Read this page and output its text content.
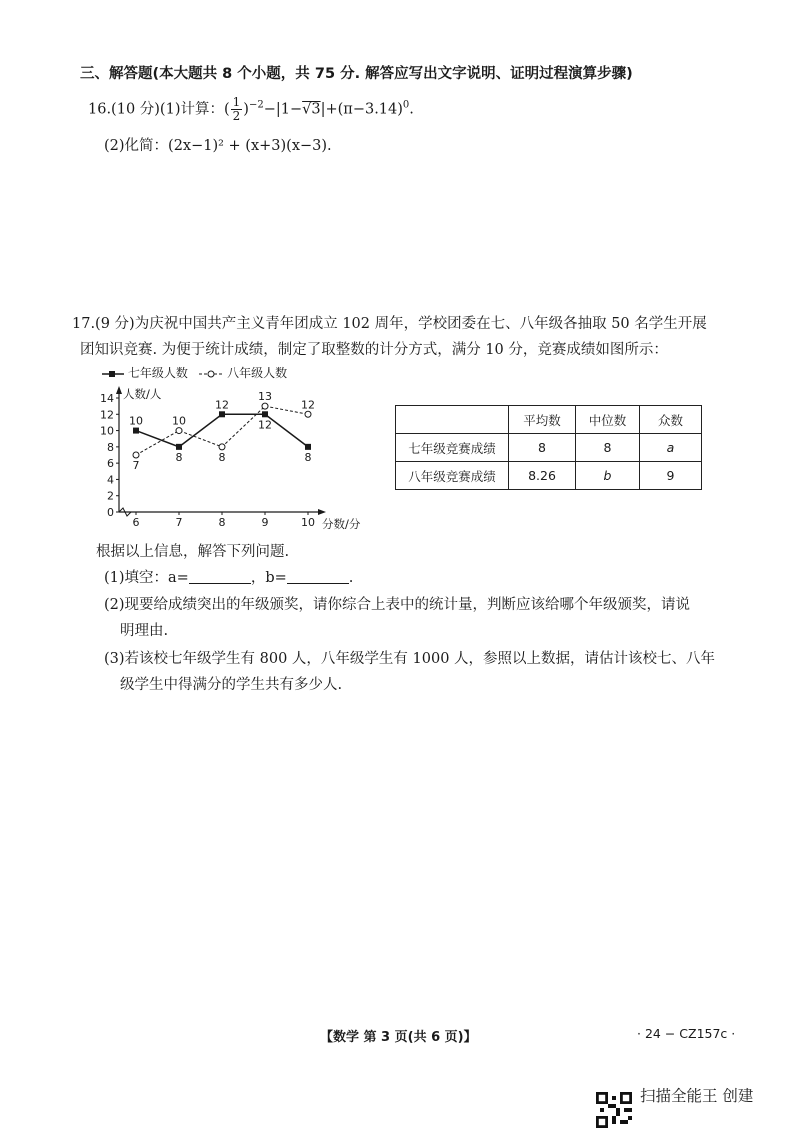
三、解答题(本大题共 8 个小题，共 75 分. 解答应写出文字说明、证明过程演算步骤)
16.(10 分)(1)计算：( $\frac{1}{2} )^{-2}-|1-√3|+(\pi-3.14)^0$.
(2)化简：(2x−1)² + (x+3)(x−3).
17.(9 分)为庆祝中国共产主义青年团成立 102 周年，学校团委在七、八年级各抽取 50 名学生开展
团知识竞赛. 为便于统计成绩，制定了取整数的计分方式，满分 10 分，竞赛成绩如图所示：
七年级人数	八年级人数
0
2
4
6
8
10
12
14
6	7	8	9	10
人数/人
分数/分
10
7
8
10
12
8
12
13
8
12
	平均数	中位数	众数
七年级竞赛成绩	8	8	a
八年级竞赛成绩	8.26	b	9
根据以上信息，解答下列问题.
(1)填空：a=	，b=	.
(2)现要给成绩突出的年级颁奖，请你综合上表中的统计量，判断应该给哪个年级颁奖，请说
明理由.
(3)若该校七年级学生有 800 人，八年级学生有 1000 人，参照以上数据，请估计该校七、八年
级学生中得满分的学生共有多少人.
【数学 第 3 页(共 6 页)】	· 24 − CZ157c ·
扫描全能王 创建
